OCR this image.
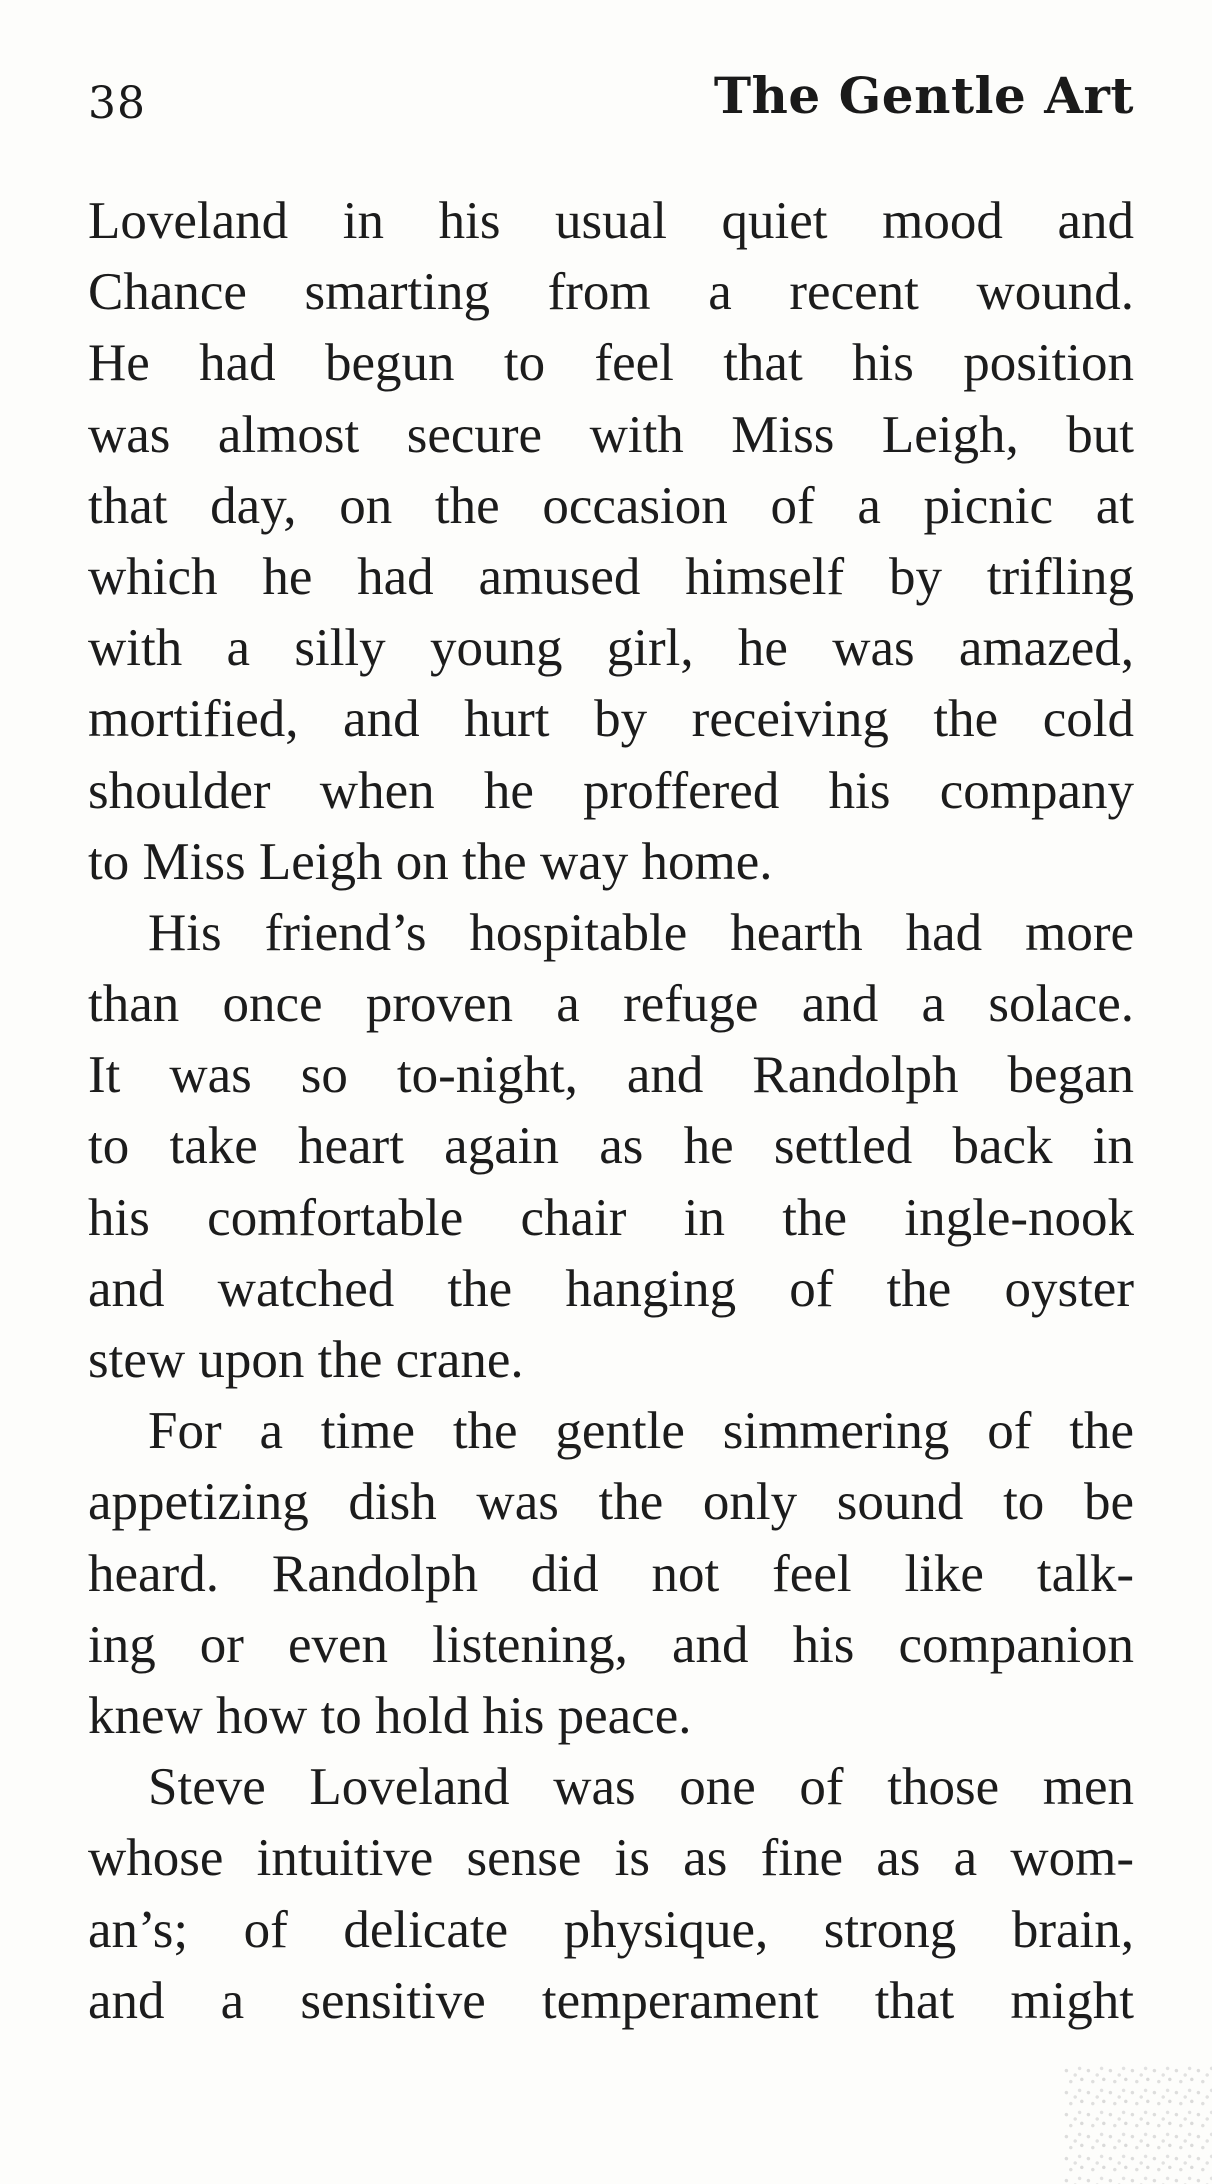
38	The Gentle Art
Loveland in his usual quiet mood and
Chance smarting from a recent wound.
He had begun to feel that his position
was almost secure with Miss Leigh, but
that day, on the occasion of a picnic at
which he had amused himself by trifling
with a silly young girl, he was amazed,
mortified, and hurt by receiving the cold
shoulder when he proffered his company
to Miss Leigh on the way home.
His friend’s hospitable hearth had more
than once proven a refuge and a solace.
It was so to-night, and Randolph began
to take heart again as he settled back in
his comfortable chair in the ingle-nook
and watched the hanging of the oyster
stew upon the crane.
For a time the gentle simmering of the
appetizing dish was the only sound to be
heard. Randolph did not feel like talk-
ing or even listening, and his companion
knew how to hold his peace.
Steve Loveland was one of those men
whose intuitive sense is as fine as a wom-
an’s; of delicate physique, strong brain,
and a sensitive temperament that might
